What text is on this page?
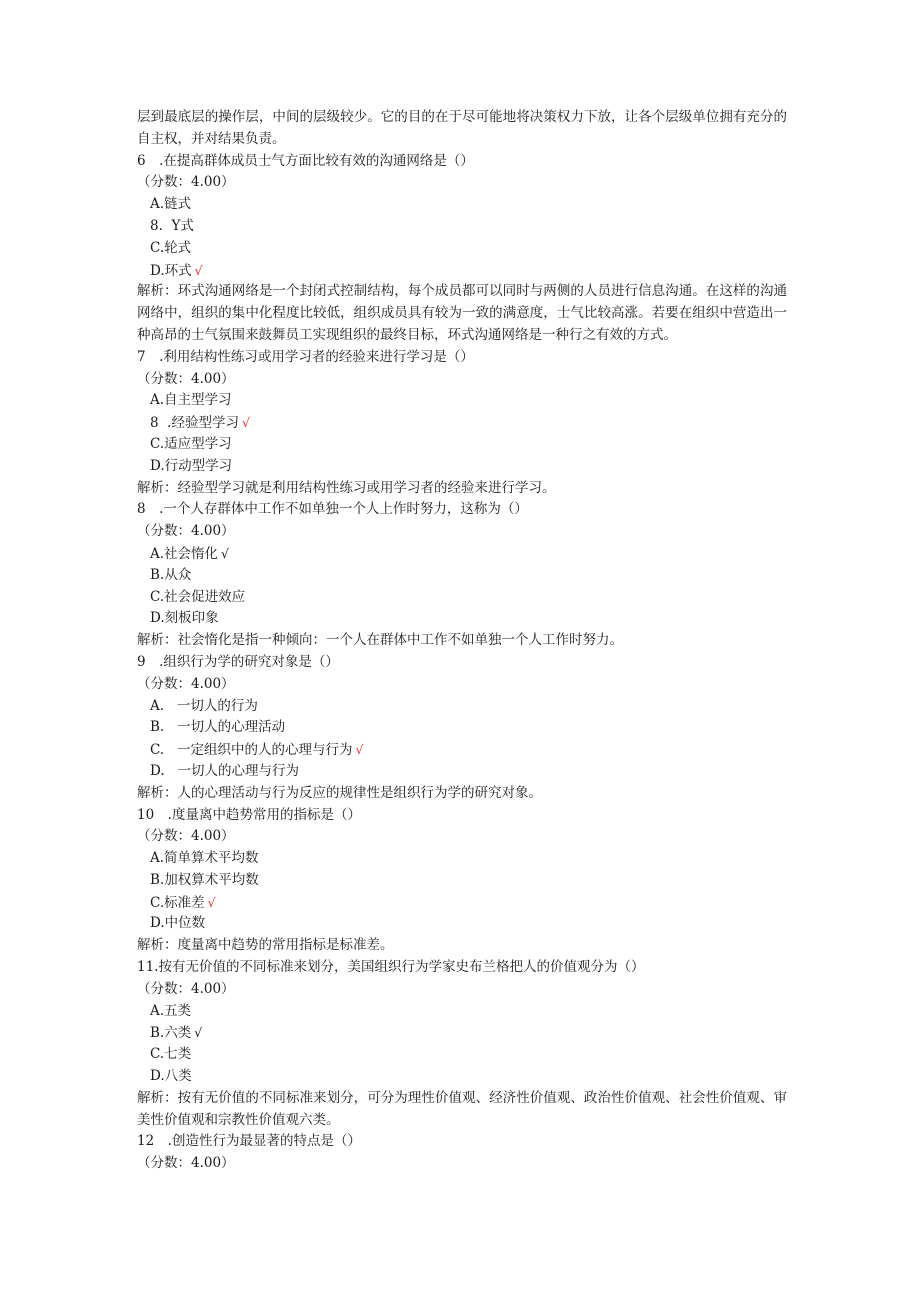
层到最底层的操作层，中间的层级较少。它的目的在于尽可能地将决策权力下放，让各个层级单位拥有充分的自主权，并对结果负责。
6　.在提高群体成员士气方面比较有效的沟通网络是（）
（分数：4.00）
A.链式
8.  Y式
C.轮式
D.环式 √
解析：环式沟通网络是一个封闭式控制结构，每个成员都可以同时与两侧的人员进行信息沟通。在这样的沟通网络中，组织的集中化程度比较低，组织成员具有较为一致的满意度，士气比较高涨。若要在组织中营造出一种高昂的士气氛围来鼓舞员工实现组织的最终目标，环式沟通网络是一种行之有效的方式。
7　.利用结构性练习或用学习者的经验来进行学习是（）
（分数：4.00）
A.自主型学习
8  .经验型学习 √
C.适应型学习
D.行动型学习
解析：经验型学习就是利用结构性练习或用学习者的经验来进行学习。
8　.一个人存群体中工作不如单独一个人上作时努力，这称为（）
（分数：4.00）
A.社会惰化 √
B.从众
C.社会促进效应
D.刻板印象
解析：社会惰化是指一种倾向：一个人在群体中工作不如单独一个人工作时努力。
9　.组织行为学的研究对象是（）
（分数：4.00）
A.   一切人的行为
B.   一切人的心理活动
C.   一定组织中的人的心理与行为 √
D.   一切人的心理与行为
解析：人的心理活动与行为反应的规律性是组织行为学的研究对象。
10　.度量离中趋势常用的指标是（）
（分数：4.00）
A.简单算术平均数
B.加权算术平均数
C.标准差 √
D.中位数
解析：度量离中趋势的常用指标是标准差。
11.按有无价值的不同标准来划分，美国组织行为学家史布兰格把人的价值观分为（）
（分数：4.00）
A.五类
B.六类 √
C.七类
D.八类
解析：按有无价值的不同标准来划分，可分为理性价值观、经济性价值观、政治性价值观、社会性价值观、审美性价值观和宗教性价值观六类。
12　.创造性行为最显著的特点是（）
（分数：4.00）
